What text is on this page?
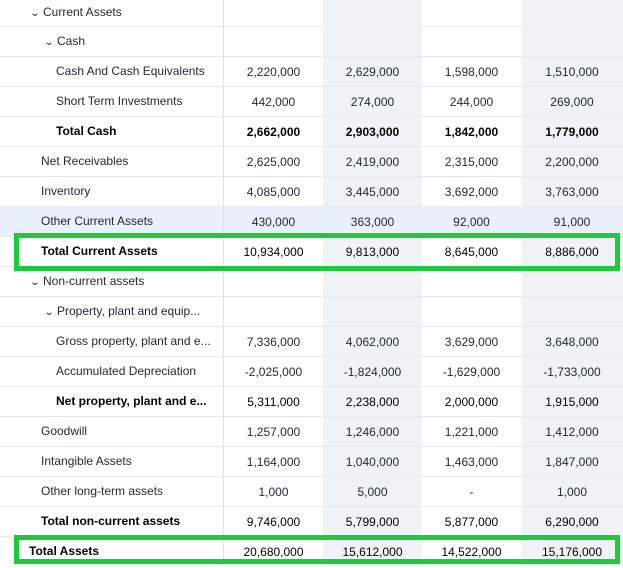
⌄ Current Assets
⌄ Cash
Cash And Cash Equivalents	2,220,000	2,629,000	1,598,000	1,510,000
Short Term Investments	442,000	274,000	244,000	269,000
Total Cash	2,662,000	2,903,000	1,842,000	1,779,000
Net Receivables	2,625,000	2,419,000	2,315,000	2,200,000
Inventory	4,085,000	3,445,000	3,692,000	3,763,000
Other Current Assets	430,000	363,000	92,000	91,000
Total Current Assets	10,934,000	9,813,000	8,645,000	8,886,000
⌄ Non-current assets
⌄ Property, plant and equip...
Gross property, plant and e...	7,336,000	4,062,000	3,629,000	3,648,000
Accumulated Depreciation	-2,025,000	-1,824,000	-1,629,000	-1,733,000
Net property, plant and e...	5,311,000	2,238,000	2,000,000	1,915,000
Goodwill	1,257,000	1,246,000	1,221,000	1,412,000
Intangible Assets	1,164,000	1,040,000	1,463,000	1,847,000
Other long-term assets	1,000	5,000	-	1,000
Total non-current assets	9,746,000	5,799,000	5,877,000	6,290,000
Total Assets	20,680,000	15,612,000	14,522,000	15,176,000
